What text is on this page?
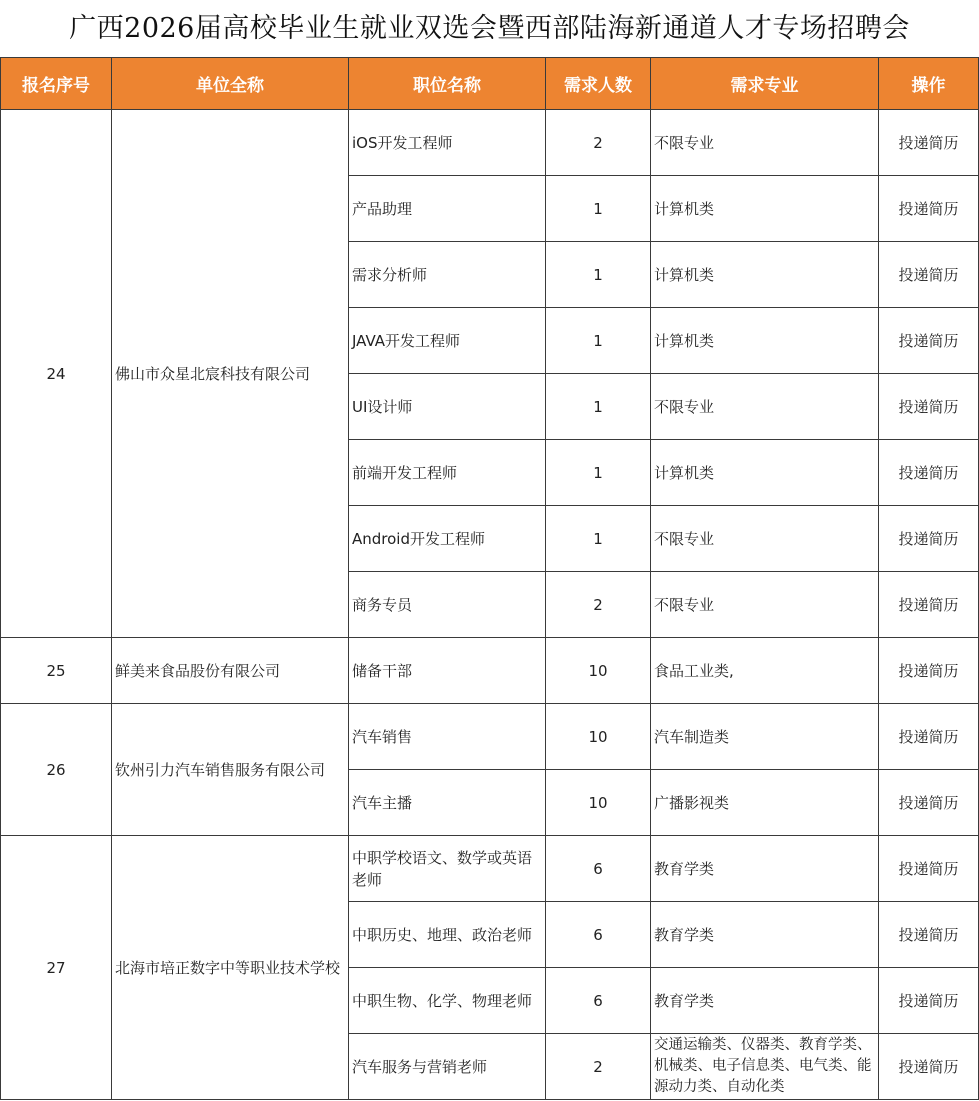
广西2026届高校毕业生就业双选会暨西部陆海新通道人才专场招聘会
报名序号	单位全称	职位名称	需求人数	需求专业	操作
24	佛山市众星北宸科技有限公司	iOS开发工程师	2	不限专业	投递简历
		产品助理	1	计算机类	投递简历
		需求分析师	1	计算机类	投递简历
		JAVA开发工程师	1	计算机类	投递简历
		UI设计师	1	不限专业	投递简历
		前端开发工程师	1	计算机类	投递简历
		Android开发工程师	1	不限专业	投递简历
		商务专员	2	不限专业	投递简历
25	鲜美来食品股份有限公司	储备干部	10	食品工业类,	投递简历
26	钦州引力汽车销售服务有限公司	汽车销售	10	汽车制造类	投递简历
		汽车主播	10	广播影视类	投递简历
27	北海市培正数字中等职业技术学校	中职学校语文、数学或英语老师	6	教育学类	投递简历
		中职历史、地理、政治老师	6	教育学类	投递简历
		中职生物、化学、物理老师	6	教育学类	投递简历
		汽车服务与营销老师	2	交通运输类、仪器类、教育学类、机械类、电子信息类、电气类、能源动力类、自动化类	投递简历
